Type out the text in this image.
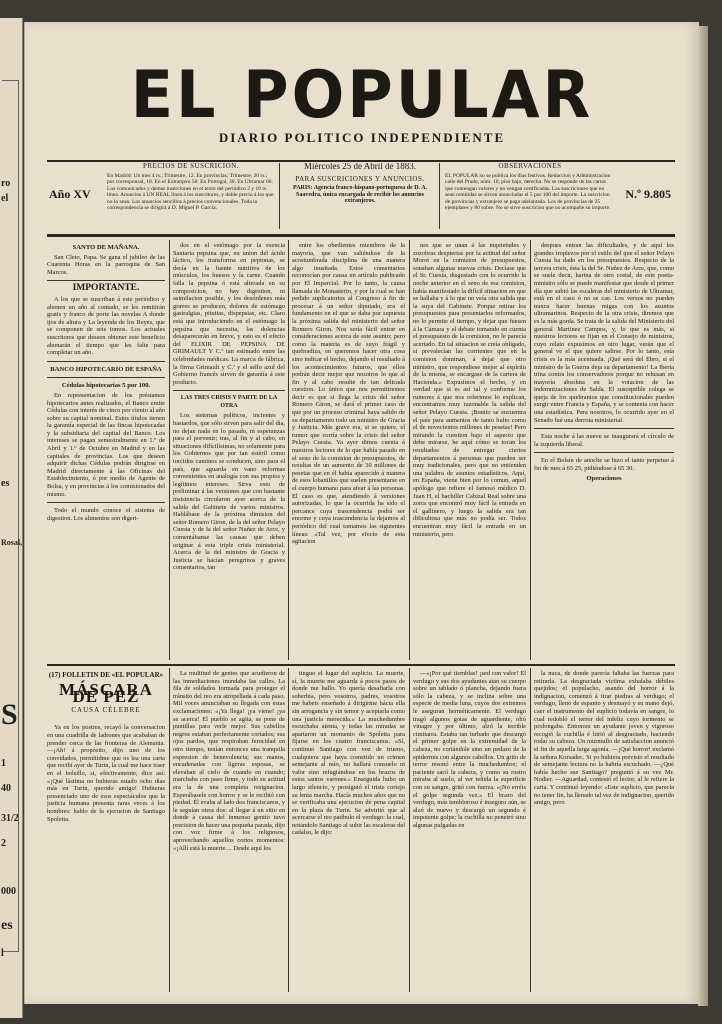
ro
el
es
Rosal,
S
1
40
31/2
2
000
es
l
EL POPULAR
DIARIO POLITICO INDEPENDIENTE
Año XV
PRECIOS DE SUSCRICION.
En Madrid: Un mes 4 rs.; Trimestre, 12. En provincias: Trimestre, 20 rs.; por corresponsal, 18. En el Extranjero 50. En Portugal, 30. En Ultramar 60. Los comunicados y demas inserciones en el texto del periódico 2 y 10 rs. línea. Anuncios á UN REAL línea á los suscritores, y doble precio á los que no lo sean. Los anuncios sencillos á precios convencionales. Toda la correspondencia se dirigirá á D. Miguel P. García.
Miércoles 25 de Abril de 1883.
PARA SUSCRICIONES Y ANUNCIOS.
PARIS: Agencia franco-hispano-portuguesa de D. A. Saavedra, única encargada de recibir los anuncios extranjeros.
OBSERVACIONES
EL POPULAR no se publica los días festivos. Redaccion y Administracion calle del Prado, núm. 10, piso bajo, derecha. No se responde de las cartas que contengan valores y no vengan certificadas. Las suscriciones que no sean remitidas se sirven anunciadas el 5 por 100 del importe. La suscricion de provincias y extranjero se paga adelantada. Los de provincias de 25 ejemplares y 80 sobre. No se sirve suscricion que no acompañe su importe.
N.º 9.805
SANTO DE MAÑANA.

San Cleto, Papa. Se gana el jubileo de las Cuarenta Horas en la parroquia de San Marcos.

IMPORTANTE.

A los que se suscriban á este periódico y abonen un año al contado, se les remitirán gratis y franco de porte las novelas A donde ijos de altura y La leyenda de los Reyes, que se componen de seis tomos. Los actuales suscritores que deseen obtener este beneficio abonarán el tiempo que les falte para completar un año.

BANCO HIPOTECARIO DE ESPAÑA
Cédulas hipotecarias 5 por 100.

En representacion de los préstamos hipotecarios antes realizados, el Banco emite Cédulas con interés de cinco por ciento al año sobre su capital nominal. Estos títulos tienen la garantía especial de las fincas hipotecadas y la subsidiaria del capital del Banco. Los intereses se pagan semestralmente en 1.º de Abril y 1.º de Octubre en Madrid y en las capitales de provincias. Los que deseen adquirir dichas Cédulas podrán dirigirse en Madrid directamente á las Oficinas del Establecimiento, ó por medio de Agente de Bolsa, y en provincias á los comisionados del mismo.

Todo el mundo conoce el sistema de digestion. Los alimentos son digeri-

dos en el estómago por la esencia Santaria pepsina que, en union del ácido láctico, los transforma en peptonas, se decía en la fuente nutritiva de los músculos, los huesos y la carne. Cuando falla la pepsina ó está alterada en su composicion, no hay digestion, ni asimilacion posible, y los desórdenes más graves se producen, dolores de estómago gastralgias, pituitas, dispepsias, etc. Claro está que introduciendo en el estómago la pepsina que necesita, las dolencias desaparecerán en breve, y esto es el efecto del ELIXIR DE PEPSINA DE GRIMAULT Y C.ª tan estimado entre las celebridades médicas. La marca de fábrica, la firma Grimault y C.ª y el sello azul del Gobierno francés sirven de garantía á este producto.

LAS TRES CRISIS Y PARTE DE LA OTRA

Los sistemas políticos, incientes y bastardos, que sólo sirven para salir del día, no dejan nada en lo pasado, ni esperanzas para el porvenir; tras, al fin y al cabo, en situaciones difícilísimas, no solamente para los Gobiernos que por tan estéril como torcidos caminos se conducen, sino para el país, que aguarda en vano reformas convenientes en analogía con sus propios y legítimos intereses. Sirva esto de preliminar á las versiones que con bastante insistencia circularon ayer acerca de la salida del Gabinete de varios ministros. Hablábase de la próxima dimision del señor Romero Giron, de la del señor Pelayo Cuesta y de la del señor Nuñez de Arce, y comentábanse las causas que deben originar á esta triple crisis ministerial. Acerca de la del ministro de Gracia y Justicia se hacían peregrinos y graves comentarios, tan

entre los obedientes miembros de la mayoría, que van saliéndose de la acostumbrada disciplina de una manera algo inusitada. Estos comentarios reconocían por causa un artículo publicado por El Imparcial. Por lo tanto, la causa llamada de Monasterio, y por la cual se han pedido suplicatorios al Congreso á fin de procesar á un señor diputado, era el fundamento en el que se daba por supuesta la próxima salida del ministerio del señor Romero Giron. Nos sería fácil entrar en consideraciones acerca de este asunto; pero como la materia es de suyo frágil y quebradiza, en queremos hacer otra cosa sino indicar el hecho, dejando el resultado á los acontecimientos futuros, que ellos podrán decir mejor que nosotros lo que al fin y al cabo resulte de tan delicada cuestion. Lo único que nos permitiremos decir es que si llega la crisis del señor Romero Giron, se dará el primer caso de que por un proceso criminal haya salido de su departamento todo un ministro de Gracia y Justicia. Más grave era, si se quiere, el rumor que corría sobre la crisis del señor Pelayo Cuesta. Ya ayer dimos cuenta á nuestros lectores de lo que había pasado en el seno de la comision de presupuestos, de resultas de un aumento de 30 millones de pesetas que en él había aparecido á manera de esos lobanillos que suelen presentarse en el cuerpo humano para afear á las personas. El caso es que, atendiendo á versiones autorizadas, lo que la ocurrida ha sido el percance cuya trascendencia podrá ser enorme y cuya trascendencia la dejamos al periódico del cual tomamos las siguientes líneas: «Tal vez, por efecto de esta agitacion

nes que se unan á las inquietudes y zozobras despiertas por la actitud del señor Morot en la comision de presupuestos, sonaban algunas nuevas crisis. Decíase que el Sr. Cuesta, disgustado con lo ocurrido la noche anterior en el seno de esa comision, había manifestado la difícil situacion en que se hallaba y á lo que no veía otra salida que la suya del Gabinete. Porque retirar los presupuestos para presentarlos reformados, no lo permite el tiempo, y dejar que fuesen á la Cámara y el debate tomando en cuenta el presupuesto de la comision, no le parecía acertado. En tal situacion se creía obligado, si prevalecían las corrientes que en la comision dominan, á dejar que otro ministro, que respondiese mejor al espíritu de la misma, se encargase de la cartera de Hacienda.» Expusimos el hecho, y en verdad que si es así tal y conforme los rumores á que nos referimos lo explican, encontramos muy razonable la salida del señor Pelayo Cuesta. ¡Bonito se encuentra el país para aumentos de tanto bulto como el de novecientos millones de pesetas! Pero mirando la cuestion bajo el aspecto que debe mirarse, he aquí cómo se tocan los resultados de entregar ciertos departamentos á personas que pueden ser muy tradicionales, pero que no entienden una palabra de asuntos estadísticos. Aquí, en España, viene bien por lo comun, aquel apólogo que refiere el famoso médico D. Juan H, el bachiller Cabizal Real sobre una zorra que encontró muy fácil la entrada en el gallinero, y luego la salida era tan dificultosa que más no podía ser. Todos encuentran muy fácil la entrada en un ministerio, pero

despues entran las dificultades, y de aquí los grandes tropiezos por el estilo del que el señor Pelayo Cuesta ha dado en los presupuestos. Respecto de la tercera crisis, ésta la del Sr. Nuñez de Arce, que, como se suele decir, harina de otro costal, de este poeta-ministro sólo se puede manifestar que desde el primer día que subió las escaleras del ministerio de Ultramar, está en el caso ó no se cae. Los versos no pueden nunca hacer buenas migas con los asuntos ultramarinos. Respecto de la otra crisis, diremos que es la más gorda. Se trata de la salida del Ministerio del general Martinez Campos, y, lo que es más, si nuestros lectores se fijan en el Consejo de ministros, cuyo relato expusimos en otro lugar, verán que el general ve el que quiere salirse. Por lo tanto, esta crisis es la más acentuada. ¡Qué será del Ebro, si el ministro de la Guerra deja su departamento! La Iberia trina contra los conservadores porque no rehusan en mayoría absoluta en la votacion de las indemnizaciones de Salda. El susceptible colega se queja de los quebrantos que constitucionales pueden surgir entre Francia y España, y se contenta con hacer una estadística. Para nosotros, lo ocurrido ayer en el Senado fué una derrota ministerial.

Esta noche á las nueve se inaugurará el círculo de la izquierda liberal.

En el Bolsín de anoche se hizo el tanto perpetuo á fin de mes á 65 25, pidiéndose á 65 30.

Operaciones
(17) FOLLETIN DE «EL POPULAR»
MÁSCARA DE PEZ
CAUSA CÉLEBRE

Ya en los postres, recayó la conversacion en una cuadrilla de ladrones que acababan de prender cerca de las fronteras de Alemania. —¡Ah! á propósito, dijo uno de los convidados, permitidme que os lea una carta que recibí ayer de Turin, la cual me hace traer en el bolsillo, si, efectivamente, dice así: «¡Qué lástima no hubieras estado ocho días más en Turin, querido amigo! Hubieras presenciado uno de esos espectáculos que la justicia humana presenta raras veces á los hombres: hablo de la ejecucion de Santiago Spoletta.

La multitud de gentes que acudieron de las inmediaciones inundaba las calles. La fila de soldados formada para proteger el tránsito del reo era atropellada á cada paso. Mil voces anunciaban su llegada con estas exclamaciones: «¡Ya llega! ¡ya viene! ¡ya se acerca! El pueblo se agita, se pone de puntillas para verle mejor. Sus cabellos negros estaban perfectamente cortados; sus ojos pardos, que respiraban ferocidad en otro tiempo, tenían entonces una tranquila expresion de benevolencia; sus manos, encadenadas con ligeras esposas, se elevaban al cielo de cuando en cuando; marchaba con paso firme, y todo su actitud era la de una completa resignacion. Esperábasele con horror y se le recibió con piedad. Él evaba al lado dos franciscanos, y le seguían otros dos: al llegar á un sitio en donde á causa del inmenso gentío tuvo precision de hacer una pequeña parada, dijo con voz firme á los religiosos, aprovechando aquellos cortos momentos: «¡Allí está la muerte.... Desde aquí los

tinguo el lugar del suplicio. La muerte, sí, la muerte me aguarda á pocos pasos de donde me hallo. Yo quería desafiarla con soberbia, pero vosotros, padres, vosotros me habeis enseñado á dirigirme hácia ella sin arrogancia y sin temor y aceptarla como una justicia merecida.» La muchedumbre escuchaba atenta, y todas las miradas se apartaron un momento de Spoletta para fijarse en los cuatro franciscanos. «Sí, continuó Santiago con voz de trueno, cualquiera que haya cometido un crimen semejante al mío, no hallará consuelo ni valor sino refugiándose en los brazos de estos santos varones.» Enseguida hubo un largo silencio, y prosiguió el triste cortejo su lenta marcha. Hacía muchos años que no se verificaba una ejecucion de pena capital en la plaza de Turin. Se advirtió que al acercarse el reo patíbulo el verdugo: la cual, notándolo Santiago al subir las escaleras del cadalso, le dijo:

—«¡Por qué tiemblas! ¡sed con valor! El verdugo y sus dos ayudantes atan su cuerpo sobre un tablado ó plancha, dejando fuera sólo la cabeza, y se inclina sobre una especie de media luna, cuyos dos extremos le aseguran herméticamente. El verdugo tragó algunos gotas de aguardiente, olió vinagre y por último, alzó la terrible cimitarra. Estaba tan turbado que descargó el primer golpe en la extremidad de la cabeza, no cortándole sino un pedazo de la epidermis con algunos cabellos. Un grito de terror resonó entre la muchedumbre; el paciente sacó la cabeza, y como su rostro miraba al suelo, al ver teñida la superficie con su sangre, gritó con fuerza. «¡No erréis el golpe segunda vez.» El brazo del verdugo, más tembloroso é inseguro aún, se alzó de nuevo y descargó un segundo é impotente golpe; la cuchilla no penetró sino algunas pulgadas en

la nuca, de donde parecía faltaba las fuerzas para retirarla. La desgraciada víctima exhalaba débiles quejidos; el populacho, asando del horror á la indignacion, comenzó á tirar piedras al verdugo; el verdugo, lleno de espanto y desmayó y su mano dejó, caer el instrumento del suplicio todavía en sangre, lo cual redobló el terror del infeliz cuyo tormento se prolongaba. Entonces un ayudante joven y vigoroso recogió la cuchilla é hirió al desgraciado, haciendo rodar su cabeza. Un murmullo de satisfaccion anunció el fin de aquella larga agonía. —¡Qué horror! exclamó la señora Korsadec. Si yo hubiera previsto el resultado de semejante lectura no la habría escuchado. —¿Qué había hecho ese Santiago? preguntó á su vez Mr. Nodier. —Aguardad, contestó el lector, al le refiere la carta. Y continuó leyendo: «Este suplicio, que parecía no tener fin, ha llenado tal vez de indignacion, querido amigo, pero
